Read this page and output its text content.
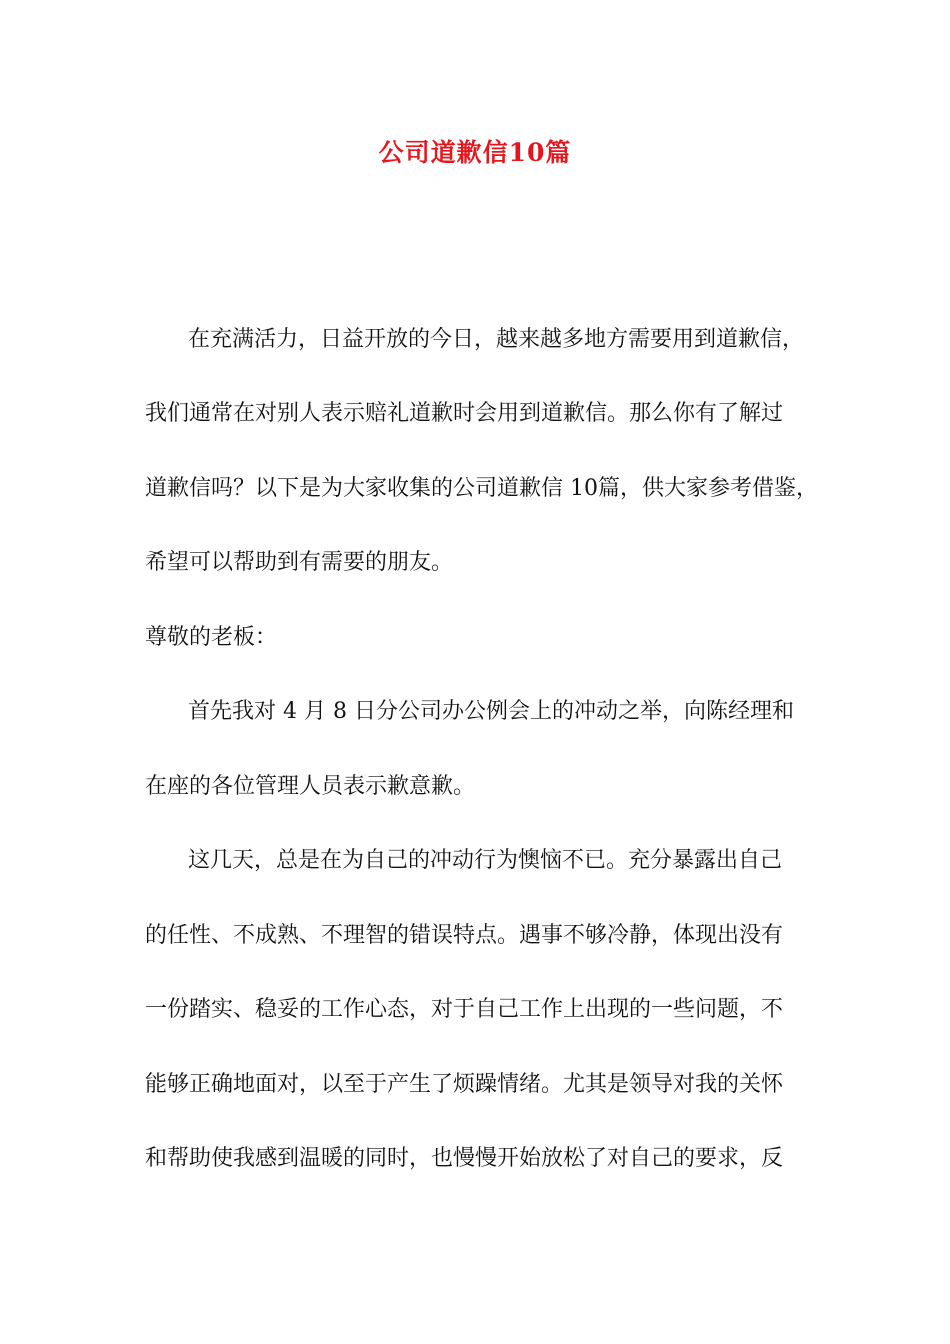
公司道歉信10篇

在充满活力，日益开放的今日，越来越多地方需要用到道歉信，

我们通常在对别人表示赔礼道歉时会用到道歉信。那么你有了解过

道歉信吗？以下是为大家收集的公司道歉信 10篇，供大家参考借鉴，

希望可以帮助到有需要的朋友。

尊敬的老板：

首先我对 4 月 8 日分公司办公例会上的冲动之举，向陈经理和

在座的各位管理人员表示歉意歉。

这几天，总是在为自己的冲动行为懊恼不已。充分暴露出自己

的任性、不成熟、不理智的错误特点。遇事不够冷静，体现出没有

一份踏实、稳妥的工作心态，对于自己工作上出现的一些问题，不

能够正确地面对，以至于产生了烦躁情绪。尤其是领导对我的关怀

和帮助使我感到温暖的同时，也慢慢开始放松了对自己的要求，反
